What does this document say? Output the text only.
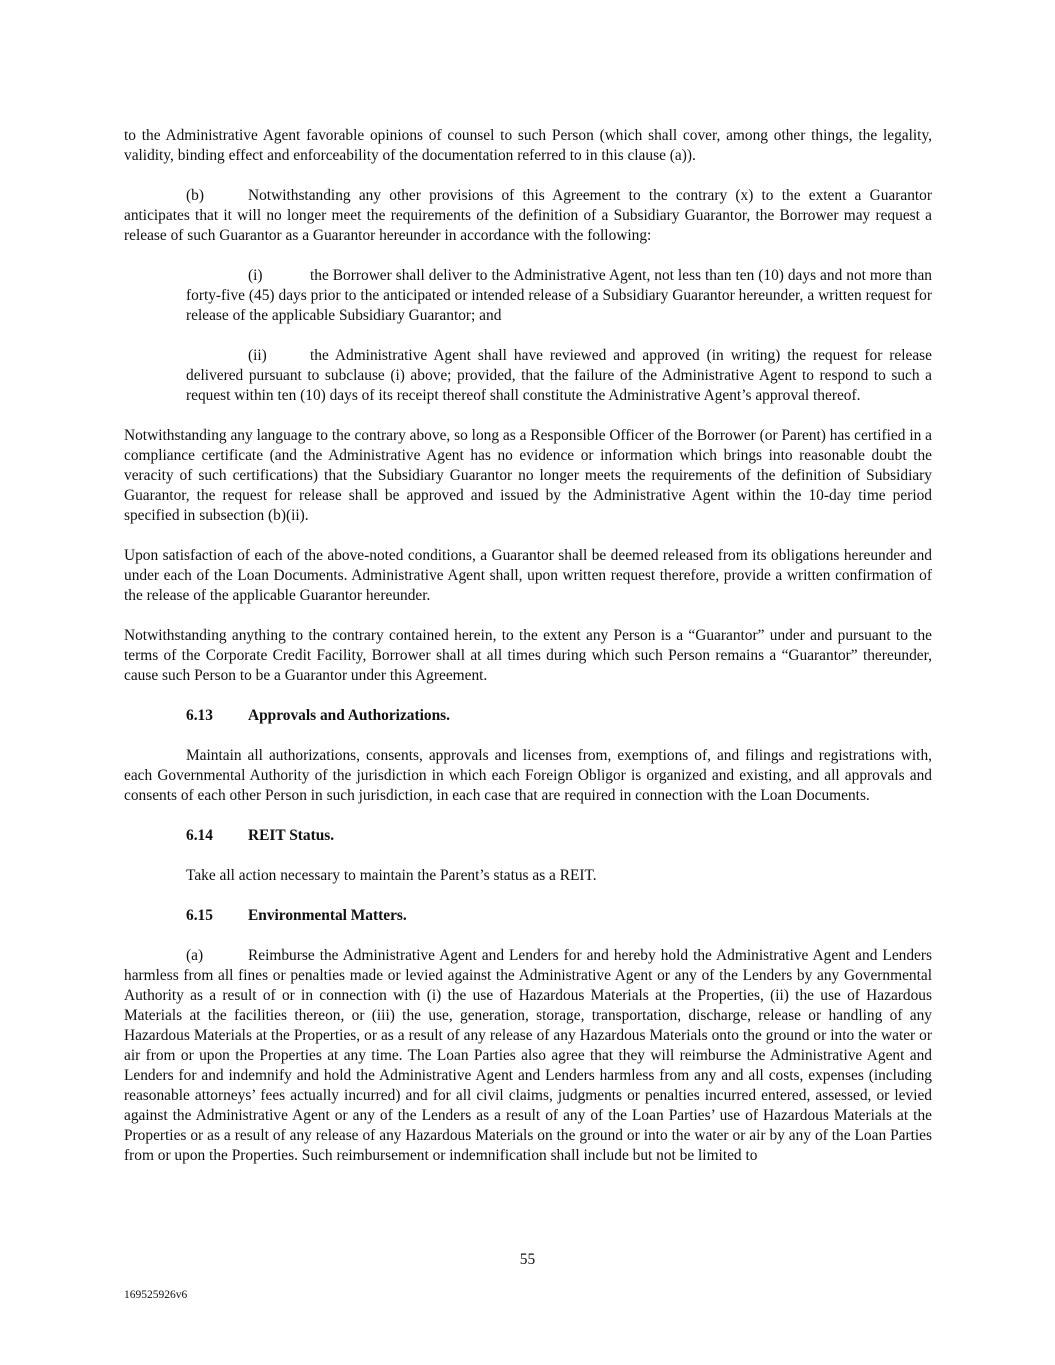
to the Administrative Agent favorable opinions of counsel to such Person (which shall cover, among other things, the legality, validity, binding effect and enforceability of the documentation referred to in this clause (a)).

(b)	Notwithstanding any other provisions of this Agreement to the contrary (x) to the extent a Guarantor anticipates that it will no longer meet the requirements of the definition of a Subsidiary Guarantor, the Borrower may request a release of such Guarantor as a Guarantor hereunder in accordance with the following:

(i)	the Borrower shall deliver to the Administrative Agent, not less than ten (10) days and not more than forty-five (45) days prior to the anticipated or intended release of a Subsidiary Guarantor hereunder, a written request for release of the applicable Subsidiary Guarantor; and

(ii)	the Administrative Agent shall have reviewed and approved (in writing) the request for release delivered pursuant to subclause (i) above; provided, that the failure of the Administrative Agent to respond to such a request within ten (10) days of its receipt thereof shall constitute the Administrative Agent’s approval thereof.

Notwithstanding any language to the contrary above, so long as a Responsible Officer of the Borrower (or Parent) has certified in a compliance certificate (and the Administrative Agent has no evidence or information which brings into reasonable doubt the veracity of such certifications) that the Subsidiary Guarantor no longer meets the requirements of the definition of Subsidiary Guarantor, the request for release shall be approved and issued by the Administrative Agent within the 10-day time period specified in subsection (b)(ii).

Upon satisfaction of each of the above-noted conditions, a Guarantor shall be deemed released from its obligations hereunder and under each of the Loan Documents. Administrative Agent shall, upon written request therefore, provide a written confirmation of the release of the applicable Guarantor hereunder.

Notwithstanding anything to the contrary contained herein, to the extent any Person is a “Guarantor” under and pursuant to the terms of the Corporate Credit Facility, Borrower shall at all times during which such Person remains a “Guarantor” thereunder, cause such Person to be a Guarantor under this Agreement.

6.13 Approvals and Authorizations.

Maintain all authorizations, consents, approvals and licenses from, exemptions of, and filings and registrations with, each Governmental Authority of the jurisdiction in which each Foreign Obligor is organized and existing, and all approvals and consents of each other Person in such jurisdiction, in each case that are required in connection with the Loan Documents.

6.14 REIT Status.

Take all action necessary to maintain the Parent’s status as a REIT.

6.15 Environmental Matters.

(a)	Reimburse the Administrative Agent and Lenders for and hereby hold the Administrative Agent and Lenders harmless from all fines or penalties made or levied against the Administrative Agent or any of the Lenders by any Governmental Authority as a result of or in connection with (i) the use of Hazardous Materials at the Properties, (ii) the use of Hazardous Materials at the facilities thereon, or (iii) the use, generation, storage, transportation, discharge, release or handling of any Hazardous Materials at the Properties, or as a result of any release of any Hazardous Materials onto the ground or into the water or air from or upon the Properties at any time. The Loan Parties also agree that they will reimburse the Administrative Agent and Lenders for and indemnify and hold the Administrative Agent and Lenders harmless from any and all costs, expenses (including reasonable attorneys’ fees actually incurred) and for all civil claims, judgments or penalties incurred entered, assessed, or levied against the Administrative Agent or any of the Lenders as a result of any of the Loan Parties’ use of Hazardous Materials at the Properties or as a result of any release of any Hazardous Materials on the ground or into the water or air by any of the Loan Parties from or upon the Properties. Such reimbursement or indemnification shall include but not be limited to

55
169525926v6
